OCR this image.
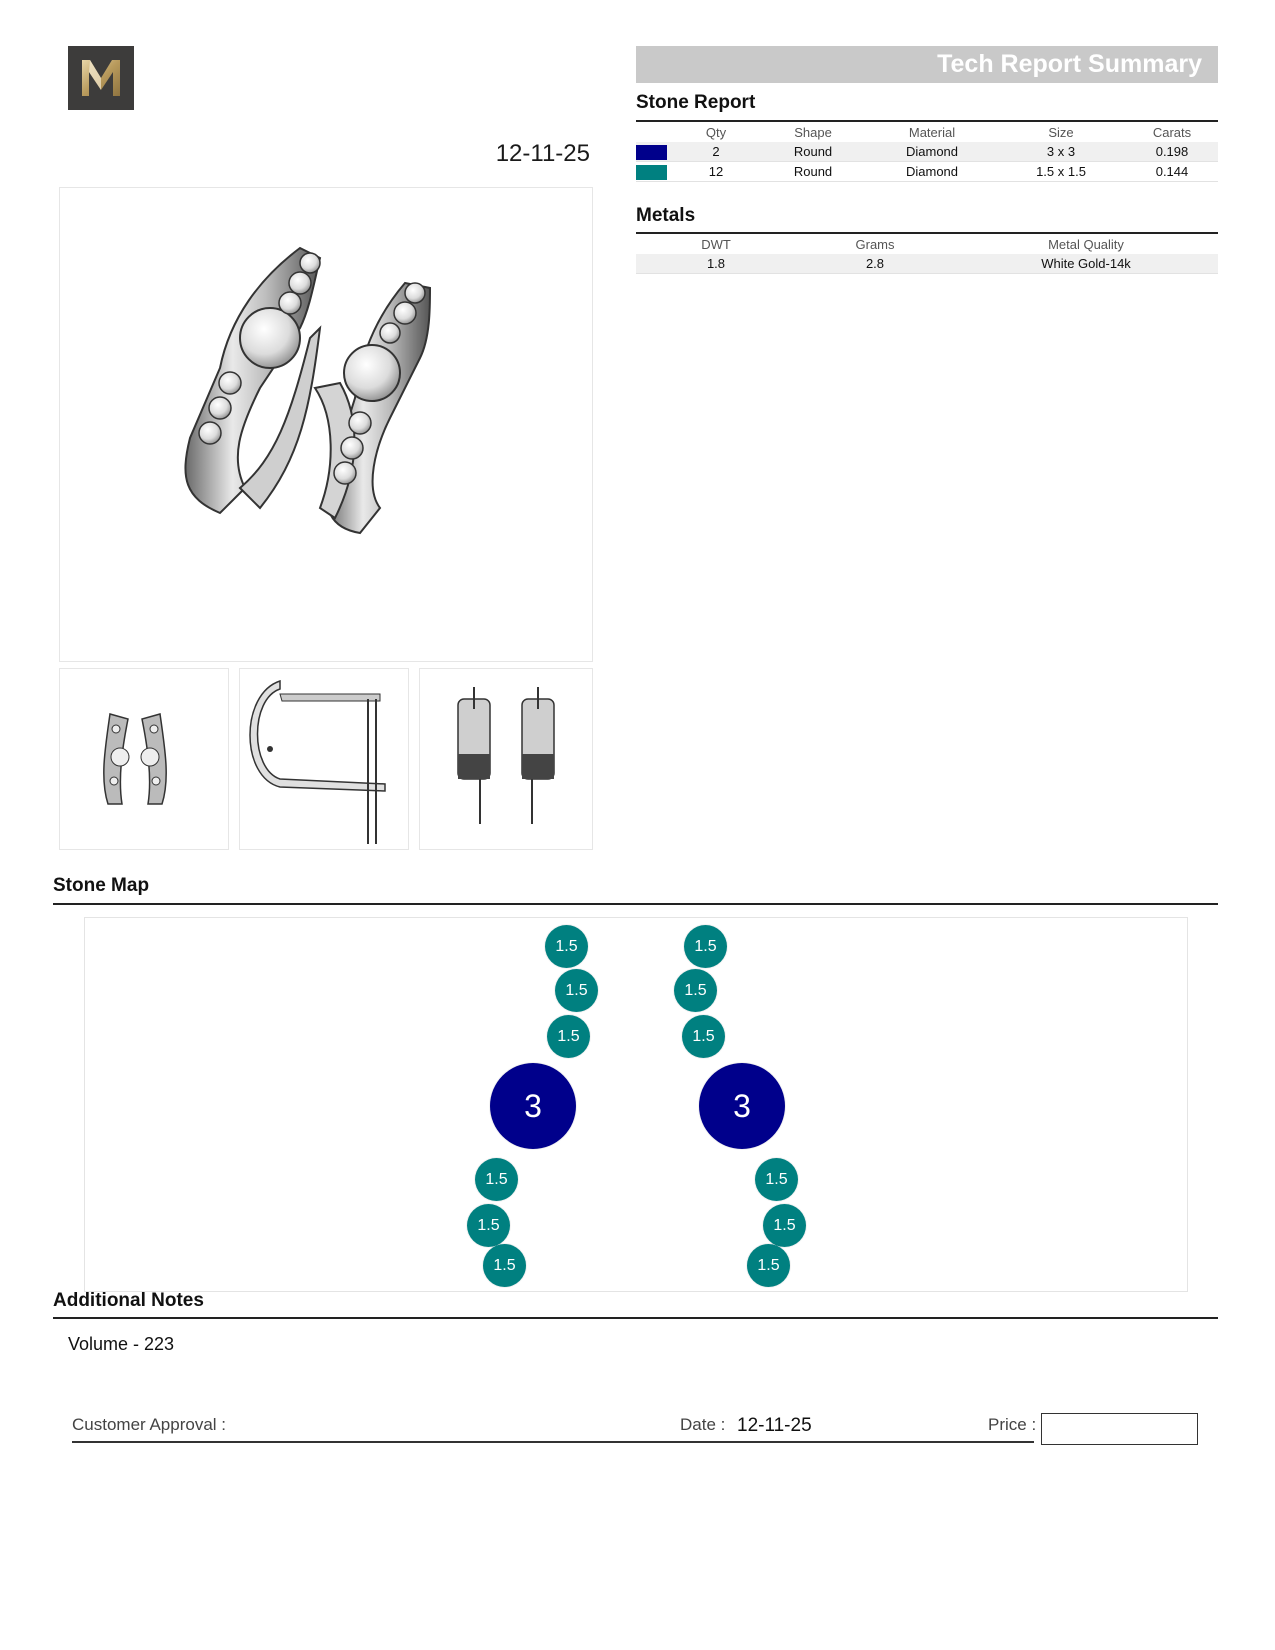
12-11-25
Tech Report Summary
Stone Report
	Qty	Shape	Material	Size	Carats
	2	Round	Diamond	3 x 3	0.198
	12	Round	Diamond	1.5 x 1.5	0.144
Metals
DWT	Grams	Metal Quality
1.8	2.8	White Gold-14k
Stone Map
1.5
1.5
1.5
1.5
1.5
1.5
3	3
1.5
1.5
1.5
1.5
1.5
1.5
Additional Notes
Volume - 223
Customer Approval :	Date : 12-11-25	Price :
